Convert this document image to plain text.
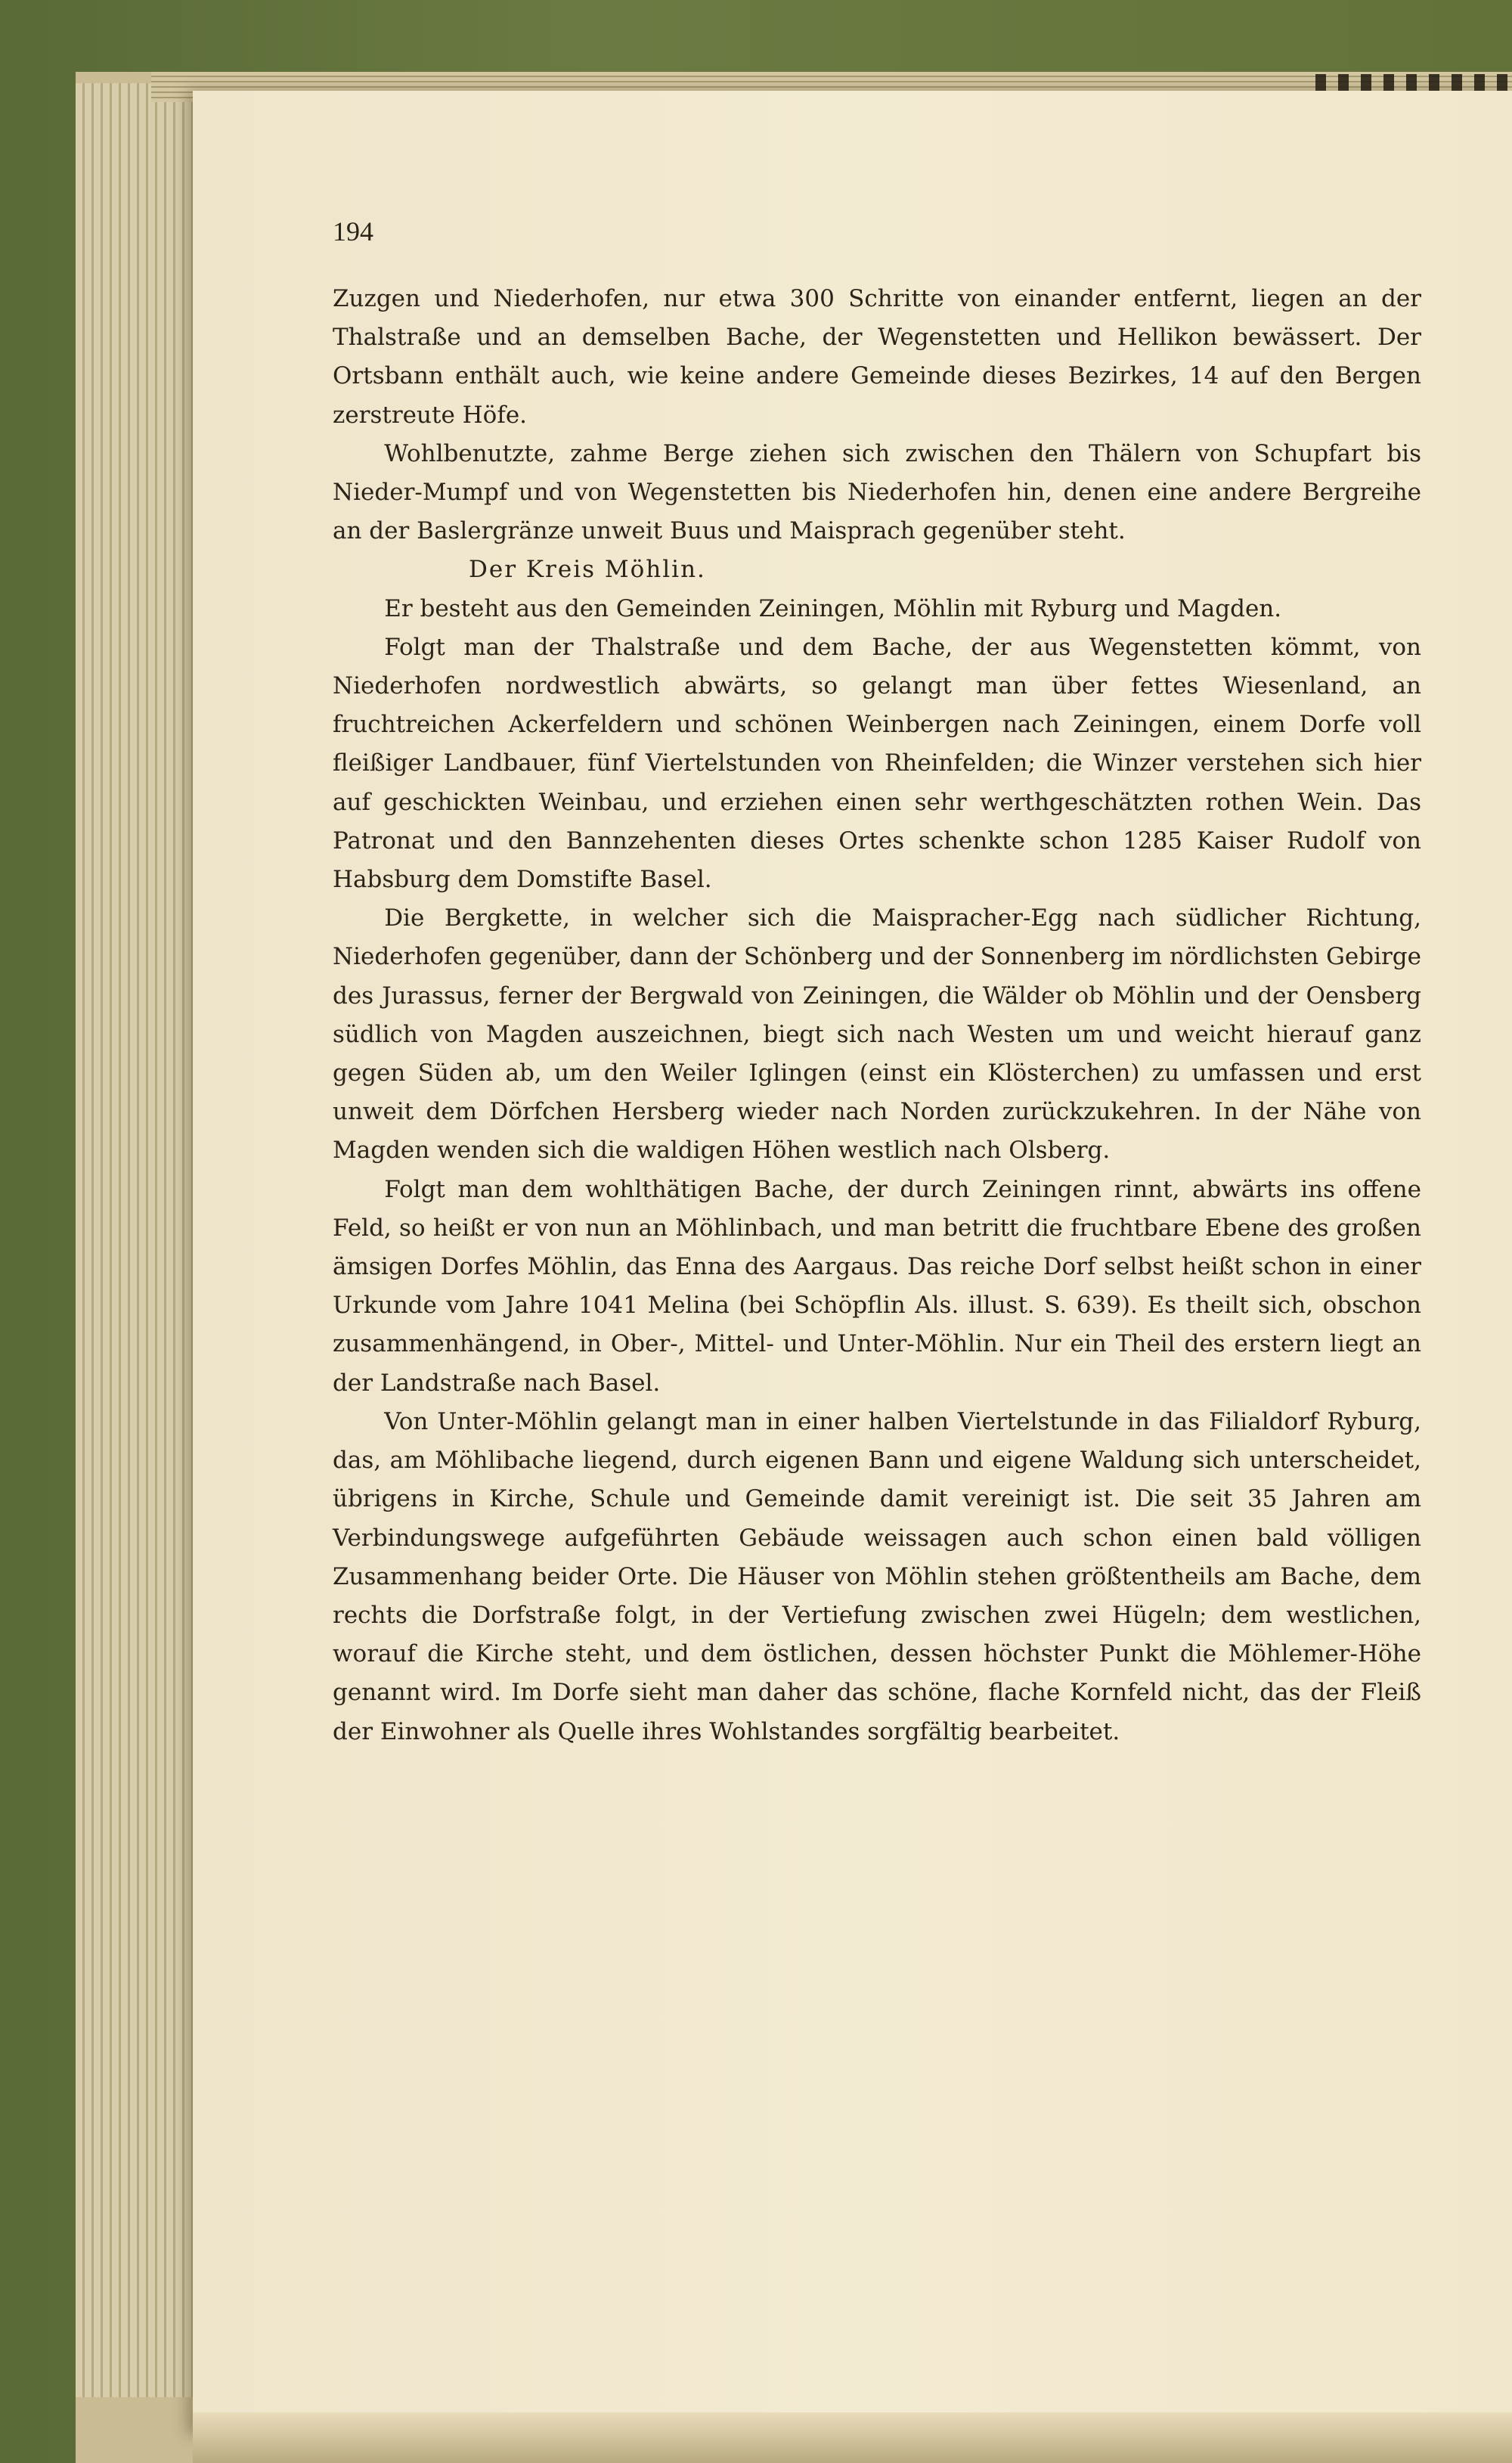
194

Zuzgen und Niederhofen, nur etwa 300 Schritte von einander entfernt, liegen an der Thalstraße und an demselben Bache, der Wegenstetten und Hellikon bewässert. Der Ortsbann enthält auch, wie keine andere Gemeinde dieses Bezirkes, 14 auf den Bergen zerstreute Höfe.

Wohlbenutzte, zahme Berge ziehen sich zwischen den Thälern von Schupfart bis Nieder-Mumpf und von Wegenstetten bis Niederhofen hin, denen eine andere Bergreihe an der Baslergränze unweit Buus und Maisprach gegenüber steht.

Der Kreis Möhlin.

Er besteht aus den Gemeinden Zeiningen, Möhlin mit Ryburg und Magden.

Folgt man der Thalstraße und dem Bache, der aus Wegenstetten kömmt, von Niederhofen nordwestlich abwärts, so gelangt man über fettes Wiesenland, an fruchtreichen Ackerfeldern und schönen Weinbergen nach Zeiningen, einem Dorfe voll fleißiger Landbauer, fünf Viertelstunden von Rheinfelden; die Winzer verstehen sich hier auf geschickten Weinbau, und erziehen einen sehr werthgeschätzten rothen Wein. Das Patronat und den Bannzehenten dieses Ortes schenkte schon 1285 Kaiser Rudolf von Habsburg dem Domstifte Basel.

Die Bergkette, in welcher sich die Maispracher-Egg nach südlicher Richtung, Niederhofen gegenüber, dann der Schönberg und der Sonnenberg im nördlichsten Gebirge des Jurassus, ferner der Bergwald von Zeiningen, die Wälder ob Möhlin und der Oensberg südlich von Magden auszeichnen, biegt sich nach Westen um und weicht hierauf ganz gegen Süden ab, um den Weiler Iglingen (einst ein Klösterchen) zu umfassen und erst unweit dem Dörfchen Hersberg wieder nach Norden zurückzukehren. In der Nähe von Magden wenden sich die waldigen Höhen westlich nach Olsberg.

Folgt man dem wohlthätigen Bache, der durch Zeiningen rinnt, abwärts ins offene Feld, so heißt er von nun an Möhlinbach, und man betritt die fruchtbare Ebene des großen ämsigen Dorfes Möhlin, das Enna des Aargaus. Das reiche Dorf selbst heißt schon in einer Urkunde vom Jahre 1041 Melina (bei Schöpflin Als. illust. S. 639). Es theilt sich, obschon zusammenhängend, in Ober-, Mittel- und Unter-Möhlin. Nur ein Theil des erstern liegt an der Landstraße nach Basel.

Von Unter-Möhlin gelangt man in einer halben Viertelstunde in das Filialdorf Ryburg, das, am Möhlibache liegend, durch eigenen Bann und eigene Waldung sich unterscheidet, übrigens in Kirche, Schule und Gemeinde damit vereinigt ist. Die seit 35 Jahren am Verbindungswege aufgeführten Gebäude weissagen auch schon einen bald völligen Zusammenhang beider Orte. Die Häuser von Möhlin stehen größtentheils am Bache, dem rechts die Dorfstraße folgt, in der Vertiefung zwischen zwei Hügeln; dem westlichen, worauf die Kirche steht, und dem östlichen, dessen höchster Punkt die Möhlemer-Höhe genannt wird. Im Dorfe sieht man daher das schöne, flache Kornfeld nicht, das der Fleiß der Einwohner als Quelle ihres Wohlstandes sorgfältig bearbeitet.
